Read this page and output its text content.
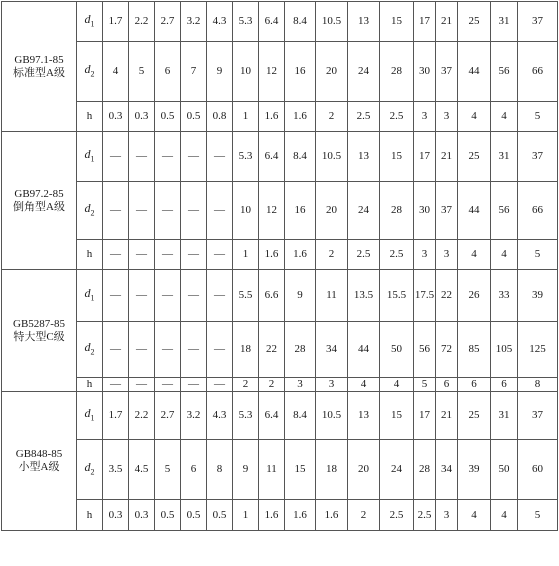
GB97.1-85
标准型A级	$d_1$	1.7	2.2	2.7	3.2	4.3	5.3	6.4	8.4	10.5	13	15	17	21	25	31	37
	$d_2$	4	5	6	7	9	10	12	16	20	24	28	30	37	44	56	66
	h	0.3	0.3	0.5	0.5	0.8	1	1.6	1.6	2	2.5	2.5	3	3	4	4	5
GB97.2-85
倒角型A级	$d_1$	—	—	—	—	—	5.3	6.4	8.4	10.5	13	15	17	21	25	31	37
	$d_2$	—	—	—	—	—	10	12	16	20	24	28	30	37	44	56	66
	h	—	—	—	—	—	1	1.6	1.6	2	2.5	2.5	3	3	4	4	5
GB5287-85
特大型C级	$d_1$	—	—	—	—	—	5.5	6.6	9	11	13.5	15.5	17.5	22	26	33	39
	$d_2$	—	—	—	—	—	18	22	28	34	44	50	56	72	85	105	125
	h	—	—	—	—	—	2	2	3	3	4	4	5	6	6	6	8
GB848-85
小型A级	$d_1$	1.7	2.2	2.7	3.2	4.3	5.3	6.4	8.4	10.5	13	15	17	21	25	31	37
	$d_2$	3.5	4.5	5	6	8	9	11	15	18	20	24	28	34	39	50	60
	h	0.3	0.3	0.5	0.5	0.5	1	1.6	1.6	1.6	2	2.5	2.5	3	4	4	5
